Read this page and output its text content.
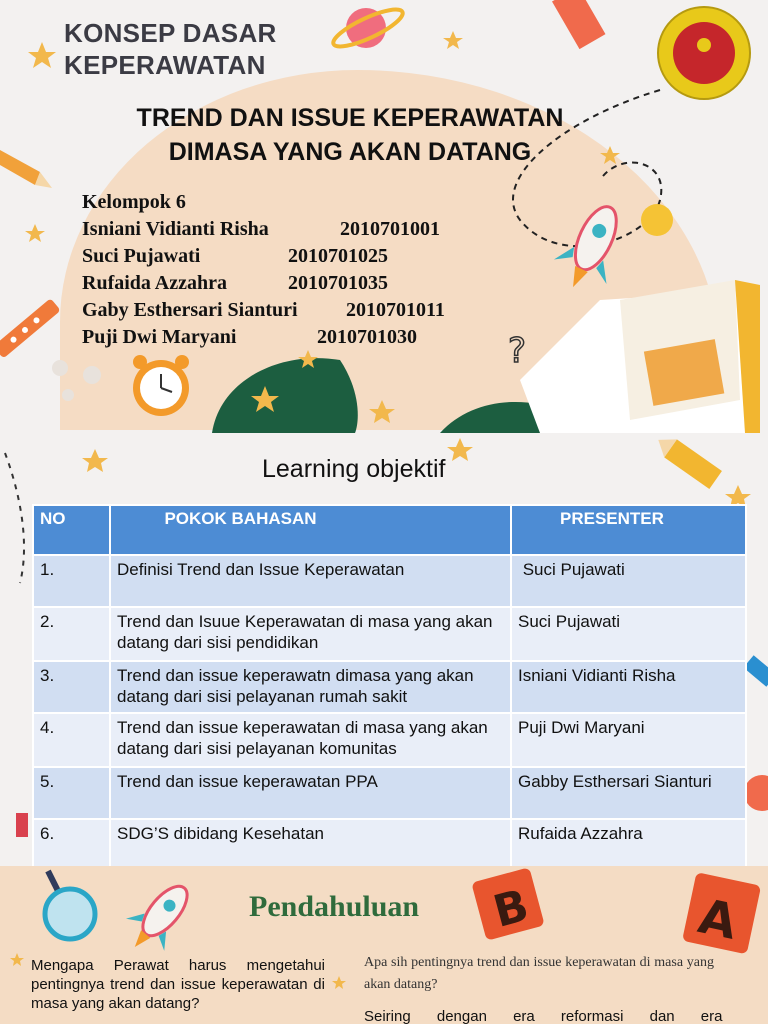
?
KONSEP DASAR
KEPERAWATAN
TREND DAN ISSUE KEPERAWATAN
DIMASA YANG AKAN DATANG
Kelompok 6
Isniani Vidianti Risha	2010701001
Suci Pujawati	2010701025
Rufaida Azzahra	2010701035
Gaby Esthersari Sianturi 2010701011
Puji Dwi Maryani	2010701030
Learning objektif
NO	POKOK BAHASAN	PRESENTER
1.	Definisi Trend dan Issue Keperawatan	Suci Pujawati
2.	Trend dan Isuue Keperawatan di masa yang akan datang dari sisi pendidikan	Suci Pujawati
3.	Trend dan issue keperawatn dimasa yang akan datang dari sisi pelayanan rumah sakit	Isniani Vidianti Risha
4.	Trend dan issue keperawatan di masa yang akan datang dari sisi pelayanan komunitas	Puji Dwi Maryani
5.	Trend dan issue keperawatan PPA	Gabby Esthersari Sianturi
6.	SDG’S dibidang Kesehatan	Rufaida Azzahra
B	A
Pendahuluan
Mengapa Perawat harus mengetahui pentingnya trend dan issue keperawatan di masa yang akan datang?
Apa sih pentingnya trend dan issue keperawatan di masa yang akan datang?
Seiring dengan era reformasi dan era
